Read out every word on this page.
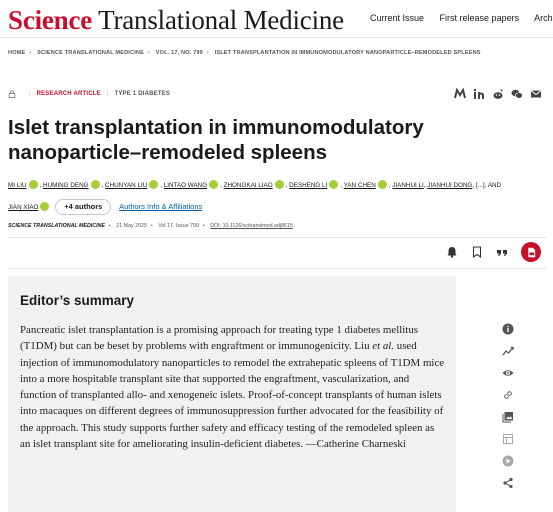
Science Translational Medicine	Current Issue First release papers Arch
HOME › SCIENCE TRANSLATIONAL MEDICINE › VOL. 17, NO. 799 › ISLET TRANSPLANTATION IN IMMUNOMODULATORY NANOPARTICLE–REMODELED SPLEENS
| RESEARCH ARTICLE | TYPE 1 DIABETES
Islet transplantation in immunomodulatory nanoparticle–remodeled spleens
MI LIU , HUMING DENG , CHUNYAN LIU , LINTAO WANG , ZHONGKAI LIAO , DESHENG LI , YAN CHEN , JIANHUI LI, JIANHUI DONG, [...], AND
JIAN XIAO	+4 authors Authors Info & Affiliations
SCIENCE TRANSLATIONAL MEDICINE • 21 May 2025 • Vol 17, Issue 799 • DOI: 10.1126/scitranslmed.adj8615
Editor’s summary

Pancreatic islet transplantation is a promising approach for treating type 1 diabetes mellitus (T1DM) but can be beset by problems with engraftment or immunogenicity. Liu et al. used injection of immunomodulatory nanoparticles to remodel the extrahepatic spleens of T1DM mice into a more hospitable transplant site that supported the engraftment, vascularization, and function of transplanted allo- and xenogeneic islets. Proof-of-concept transplants of human islets into macaques on different degrees of immunosuppression further advocated for the feasibility of the approach. This study supports further safety and efficacy testing of the remodeled spleen as an islet transplant site for ameliorating insulin-deficient diabetes. —Catherine Charneski
